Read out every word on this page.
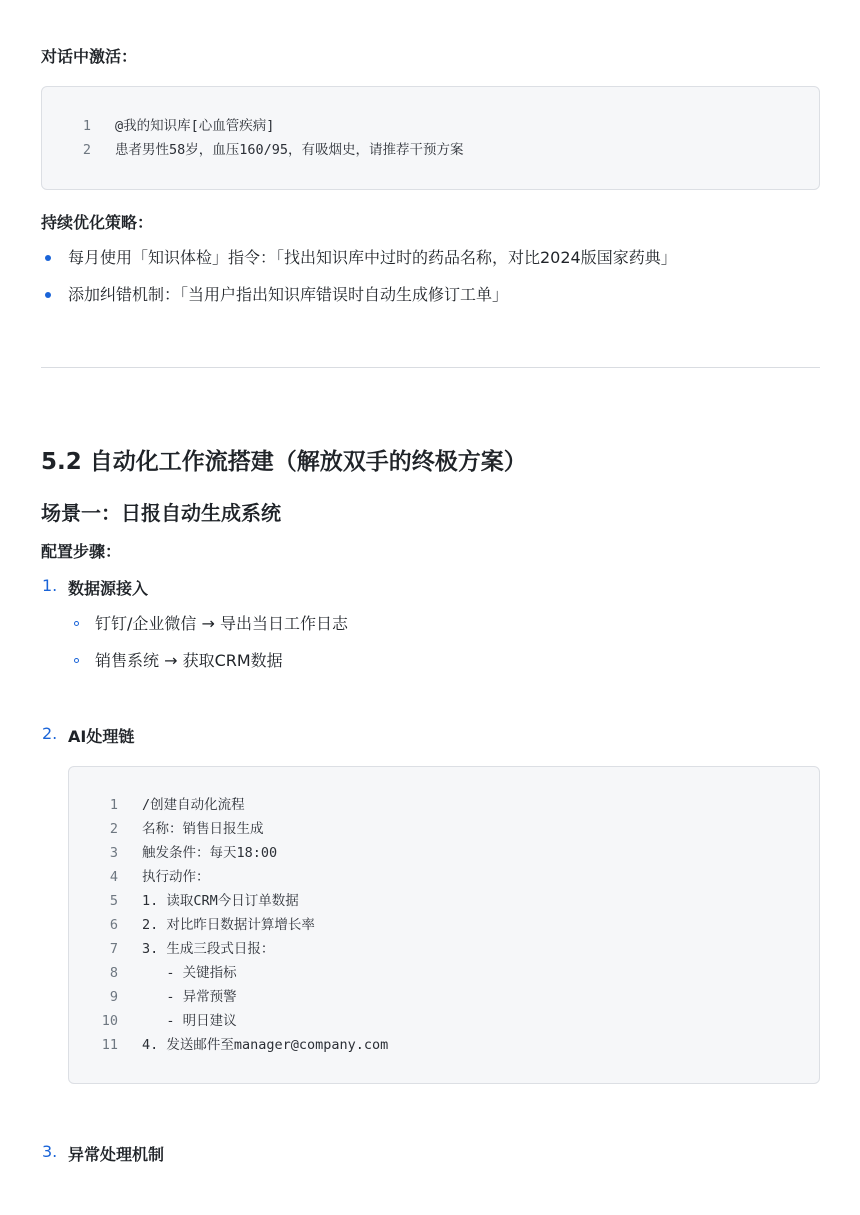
对话中激活：
1 @我的知识库[心血管疾病]
2 患者男性58岁，血压160/95，有吸烟史，请推荐干预方案
持续优化策略：
每月使用「知识体检」指令：「找出知识库中过时的药品名称，对比2024版国家药典」
添加纠错机制：「当用户指出知识库错误时自动生成修订工单」
5.2 自动化工作流搭建（解放双手的终极方案）
场景一：日报自动生成系统
配置步骤：
1. 数据源接入
钉钉/企业微信 → 导出当日工作日志
销售系统 → 获取CRM数据
2. AI处理链
1 /创建自动化流程
2 名称：销售日报生成
3 触发条件：每天18:00
4 执行动作：
5 1. 读取CRM今日订单数据
6 2. 对比昨日数据计算增长率
7 3. 生成三段式日报：
8   - 关键指标
9   - 异常预警
10   - 明日建议
11 4. 发送邮件至manager@company.com
3. 异常处理机制
